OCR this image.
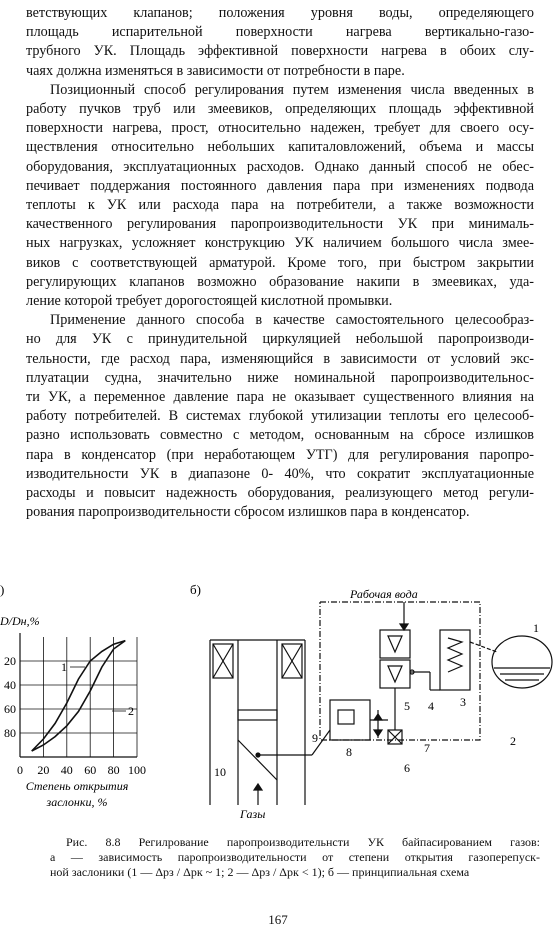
ветствующих клапанов; положения уровня воды, определяющего
площадь испарительной поверхности нагрева вертикально-газо-
трубного УК. Площадь эффективной поверхности нагрева в обоих слу-
чаях должна изменяться в зависимости от потребности в паре.
Позиционный способ регулирования путем изменения числа введенных в
работу пучков труб или змеевиков, определяющих площадь эффективной
поверхности нагрева, прост, относительно надежен, требует для своего осу-
ществления относительно небольших капиталовложений, объема и массы
оборудования, эксплуатационных расходов. Однако данный способ не обес-
печивает поддержания постоянного давления пара при изменениях подвода
теплоты к УК или расхода пара на потребители, а также возможности
качественного регулирования паропроизводительности УК при минималь-
ных нагрузках, усложняет конструкцию УК наличием большого числа змее-
виков с соответствующей арматурой. Кроме того, при быстром закрытии
регулирующих клапанов возможно образование накипи в змеевиках, уда-
ление которой требует дорогостоящей кислотной промывки.
Применение данного способа в качестве самостоятельного целесообраз-
но для УК с принудительной циркуляцией небольшой паропроизводи-
тельности, где расход пара, изменяющийся в зависимости от условий экс-
плуатации судна, значительно ниже номинальной паропроизводительнос-
ти УК, а переменное давление пара не оказывает существенного влияния на
работу потребителей. В системах глубокой утилизации теплоты его целесооб-
разно использовать совместно с методом, основанным на сбросе излишков
пара в конденсатор (при неработающем УТГ) для регулирования паропро-
изводительности УК в диапазоне 0- 40%, что сократит эксплуатационные
расходы и повысит надежность оборудования, реализующего метод регули-
рования паропроизводительности сбросом излишков пара в конденсатор.
)
D/Dн,%
20
40
60
80
0 20 40 60 80 100
1
2
Степень открытия
заслонки, %
б)	Рабочая вода
Газы
1
2
3
4
5
6
7
8
9
10
Рис. 8.8 Регилрование паропроизводительнсти УК байпасированием газов:
а — зависимость паропроизводительности от степени открытия газоперепуск-
ной заслоники (1 — Δpз / Δpк ~ 1; 2 — Δpз / Δpк < 1); б — принципиальная схема
167
